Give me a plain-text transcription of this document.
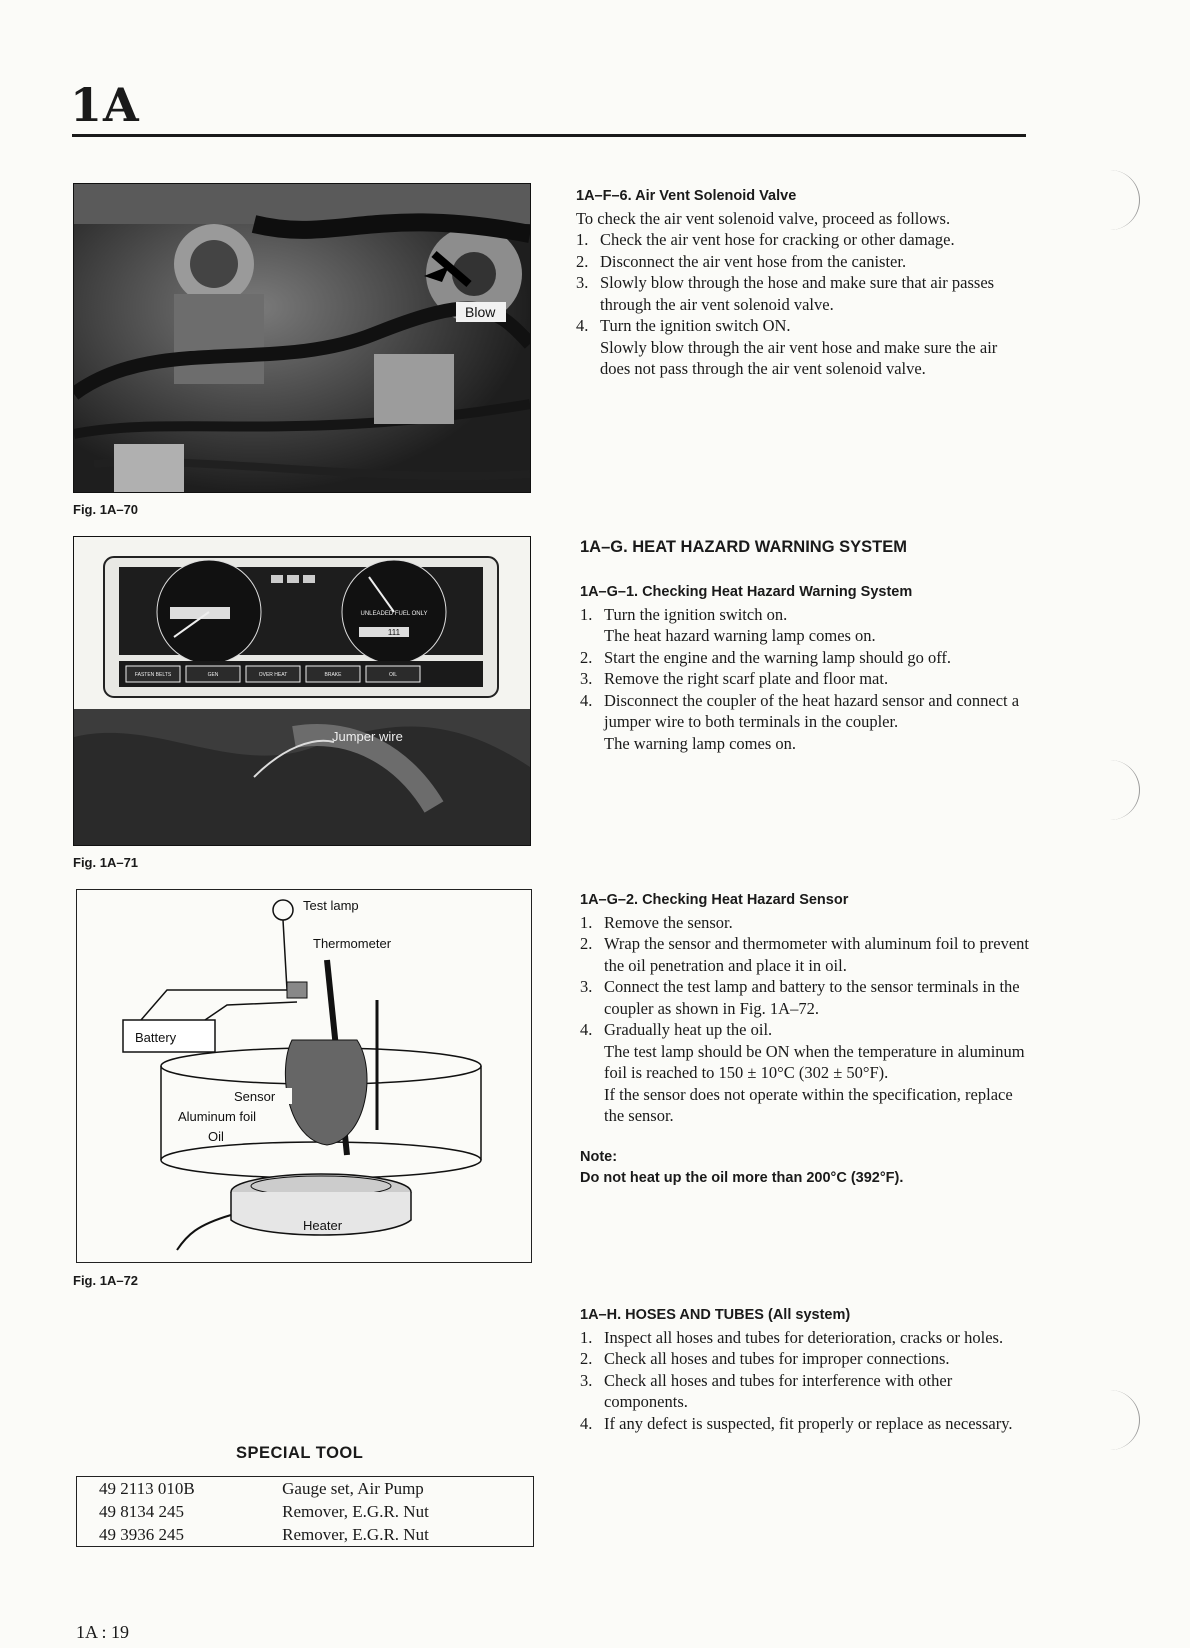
1A
Blow
Fig. 1A–70
UNLEADED FUEL ONLY
111
FASTEN BELTS	GEN	OVER HEAT	BRAKE	OIL
Jumper wire
Fig. 1A–71
Test lamp
Battery
Thermometer
Sensor
Aluminum foil
Oil
Heater
Fig. 1A–72
SPECIAL TOOL
49 2113 010B	Gauge set, Air Pump
49 8134 245	Remover, E.G.R. Nut
49 3936 245	Remover, E.G.R. Nut
1A : 19
1A–F–6. Air Vent Solenoid Valve
To check the air vent solenoid valve, proceed as follows.
1. Check the air vent hose for cracking or other damage.
2. Disconnect the air vent hose from the canister.
3. Slowly blow through the hose and make sure that air passes through the air vent solenoid valve.
4. Turn the ignition switch ON.
Slowly blow through the air vent hose and make sure the air does not pass through the air vent solenoid valve.
1A–G. HEAT HAZARD WARNING SYSTEM
1A–G–1. Checking Heat Hazard Warning System
1. Turn the ignition switch on.
The heat hazard warning lamp comes on.
2. Start the engine and the warning lamp should go off.
3. Remove the right scarf plate and floor mat.
4. Disconnect the coupler of the heat hazard sensor and connect a jumper wire to both terminals in the coupler.
The warning lamp comes on.
1A–G–2. Checking Heat Hazard Sensor
1. Remove the sensor.
2. Wrap the sensor and thermometer with aluminum foil to prevent the oil penetration and place it in oil.
3. Connect the test lamp and battery to the sensor terminals in the coupler as shown in Fig. 1A–72.
4. Gradually heat up the oil.
The test lamp should be ON when the temperature in aluminum foil is reached to 150 ± 10°C (302 ± 50°F).
If the sensor does not operate within the specification, replace the sensor.
Note:
Do not heat up the oil more than 200°C (392°F).
1A–H. HOSES AND TUBES (All system)
1. Inspect all hoses and tubes for deterioration, cracks or holes.
2. Check all hoses and tubes for improper connections.
3. Check all hoses and tubes for interference with other components.
4. If any defect is suspected, fit properly or replace as necessary.
